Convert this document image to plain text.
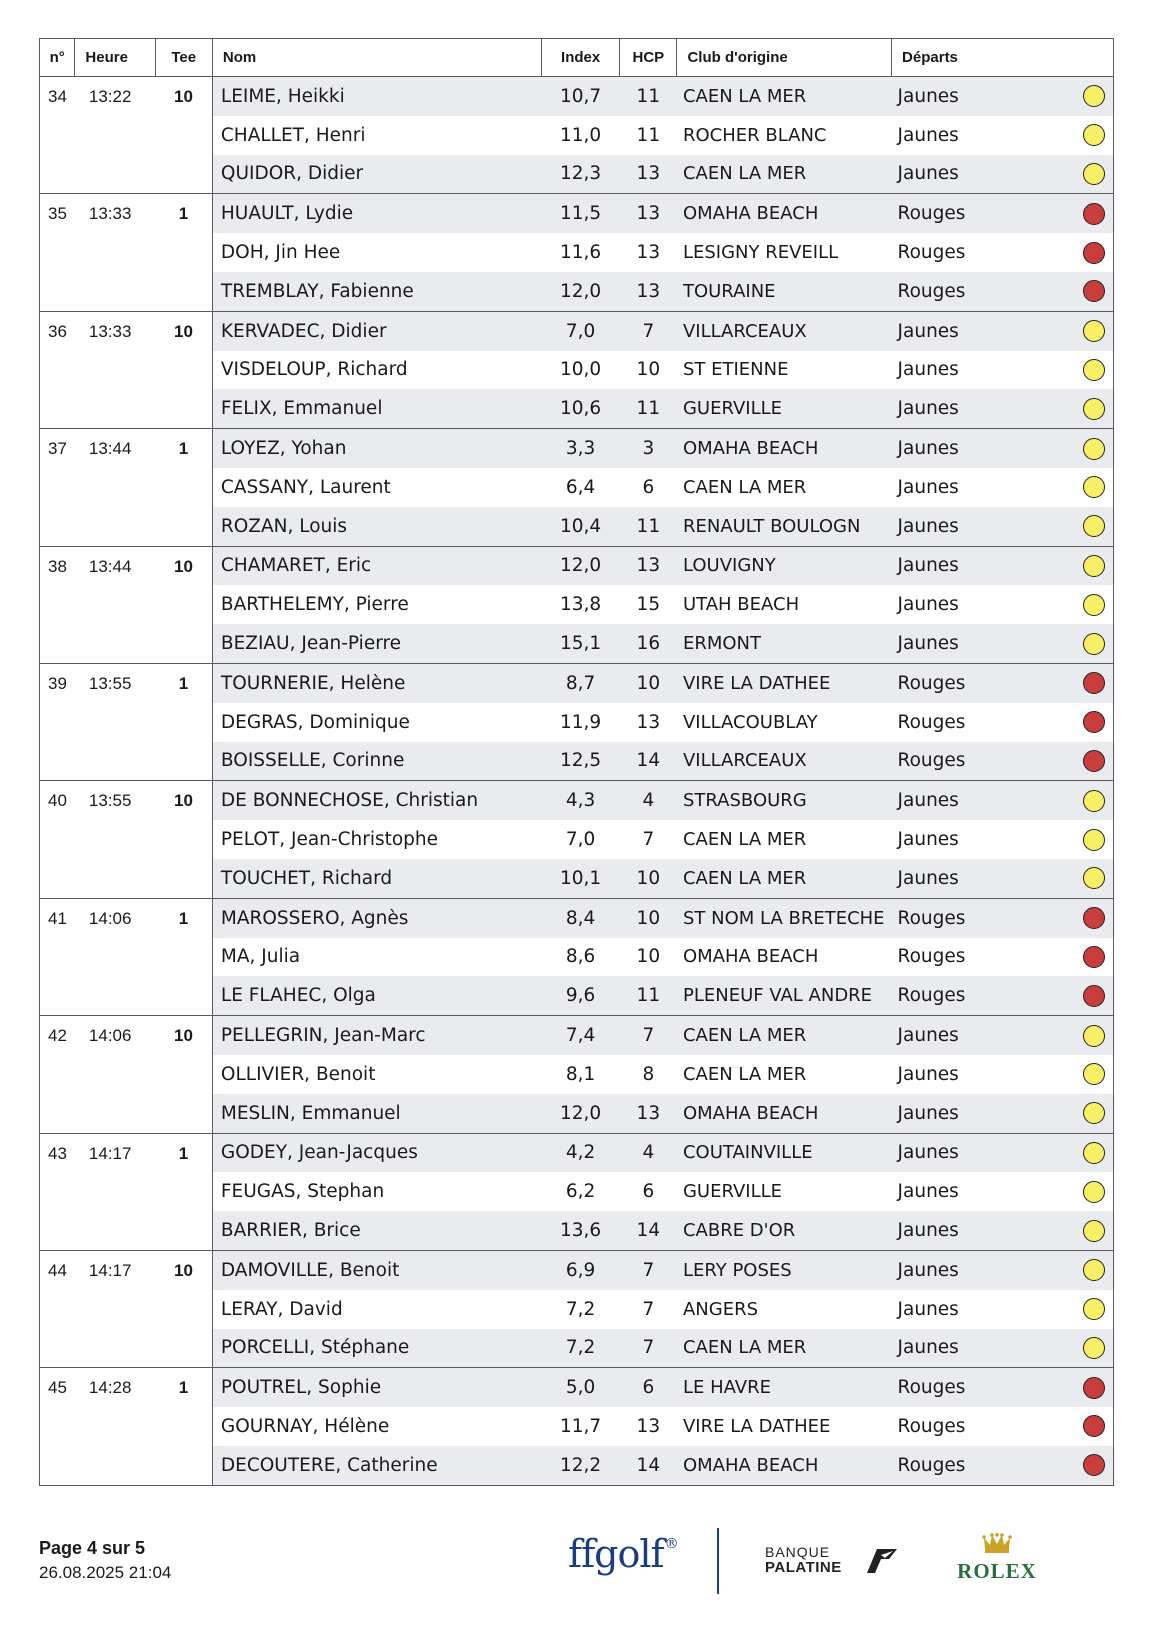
n°	Heure	Tee	Nom	Index	HCP	Club d'origine	Départs	
34	13:22	10	LEIME, Heikki	10,7	11	CAEN LA MER	Jaunes	
			CHALLET, Henri	11,0	11	ROCHER BLANC	Jaunes	
			QUIDOR, Didier	12,3	13	CAEN LA MER	Jaunes	
35	13:33	1	HUAULT, Lydie	11,5	13	OMAHA BEACH	Rouges	
			DOH, Jin Hee	11,6	13	LESIGNY REVEILL	Rouges	
			TREMBLAY, Fabienne	12,0	13	TOURAINE	Rouges	
36	13:33	10	KERVADEC, Didier	7,0	7	VILLARCEAUX	Jaunes	
			VISDELOUP, Richard	10,0	10	ST ETIENNE	Jaunes	
			FELIX, Emmanuel	10,6	11	GUERVILLE	Jaunes	
37	13:44	1	LOYEZ, Yohan	3,3	3	OMAHA BEACH	Jaunes	
			CASSANY, Laurent	6,4	6	CAEN LA MER	Jaunes	
			ROZAN, Louis	10,4	11	RENAULT BOULOGN	Jaunes	
38	13:44	10	CHAMARET, Eric	12,0	13	LOUVIGNY	Jaunes	
			BARTHELEMY, Pierre	13,8	15	UTAH BEACH	Jaunes	
			BEZIAU, Jean-Pierre	15,1	16	ERMONT	Jaunes	
39	13:55	1	TOURNERIE, Helène	8,7	10	VIRE LA DATHEE	Rouges	
			DEGRAS, Dominique	11,9	13	VILLACOUBLAY	Rouges	
			BOISSELLE, Corinne	12,5	14	VILLARCEAUX	Rouges	
40	13:55	10	DE BONNECHOSE, Christian	4,3	4	STRASBOURG	Jaunes	
			PELOT, Jean-Christophe	7,0	7	CAEN LA MER	Jaunes	
			TOUCHET, Richard	10,1	10	CAEN LA MER	Jaunes	
41	14:06	1	MAROSSERO, Agnès	8,4	10	ST NOM LA BRETECHE	Rouges	
			MA, Julia	8,6	10	OMAHA BEACH	Rouges	
			LE FLAHEC, Olga	9,6	11	PLENEUF VAL ANDRE	Rouges	
42	14:06	10	PELLEGRIN, Jean-Marc	7,4	7	CAEN LA MER	Jaunes	
			OLLIVIER, Benoit	8,1	8	CAEN LA MER	Jaunes	
			MESLIN, Emmanuel	12,0	13	OMAHA BEACH	Jaunes	
43	14:17	1	GODEY, Jean-Jacques	4,2	4	COUTAINVILLE	Jaunes	
			FEUGAS, Stephan	6,2	6	GUERVILLE	Jaunes	
			BARRIER, Brice	13,6	14	CABRE D'OR	Jaunes	
44	14:17	10	DAMOVILLE, Benoit	6,9	7	LERY POSES	Jaunes	
			LERAY, David	7,2	7	ANGERS	Jaunes	
			PORCELLI, Stéphane	7,2	7	CAEN LA MER	Jaunes	
45	14:28	1	POUTREL, Sophie	5,0	6	LE HAVRE	Rouges	
			GOURNAY, Hélène	11,7	13	VIRE LA DATHEE	Rouges	
			DECOUTERE, Catherine	12,2	14	OMAHA BEACH	Rouges	
Page 4 sur 5
26.08.2025 21:04	ffgolf®	BANQUE
PALATINE	ROLEX
